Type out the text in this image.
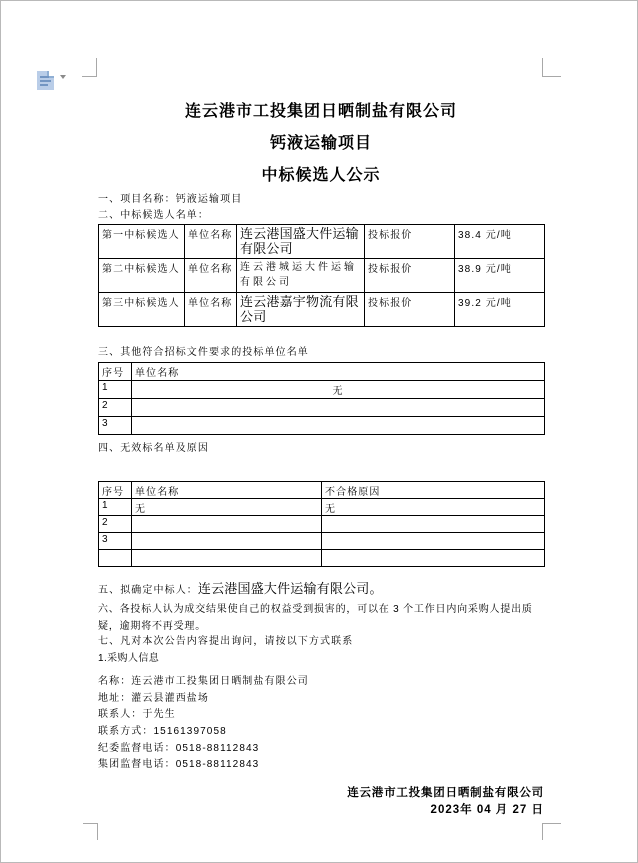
连云港市工投集团日晒制盐有限公司
钙液运输项目
中标候选人公示
一、项目名称：钙液运输项目
二、中标候选人名单：
第一中标候选人	单位名称	连云港国盛大件运输有限公司	投标报价	38.4 元/吨
第二中标候选人	单位名称	连云港城运大件运输有限公司	投标报价	38.9 元/吨
第三中标候选人	单位名称	连云港嘉宇物流有限公司	投标报价	39.2 元/吨
三、其他符合招标文件要求的投标单位名单
序号	单位名称
1	无
2	
3	
四、无效标名单及原因
序号	单位名称	不合格原因
1	无	无
2		
3		

五、拟确定中标人：连云港国盛大件运输有限公司。
六、各投标人认为成交结果使自己的权益受到损害的，可以在 3 个工作日内向采购人提出质疑，逾期将不再受理。
七、凡对本次公告内容提出询问，请按以下方式联系
1.采购人信息
名称：连云港市工投集团日晒制盐有限公司
地址：灌云县灌西盐场
联系人：于先生
联系方式：15161397058
纪委监督电话：0518-88112843
集团监督电话：0518-88112843
连云港市工投集团日晒制盐有限公司
2023年 04 月 27 日
